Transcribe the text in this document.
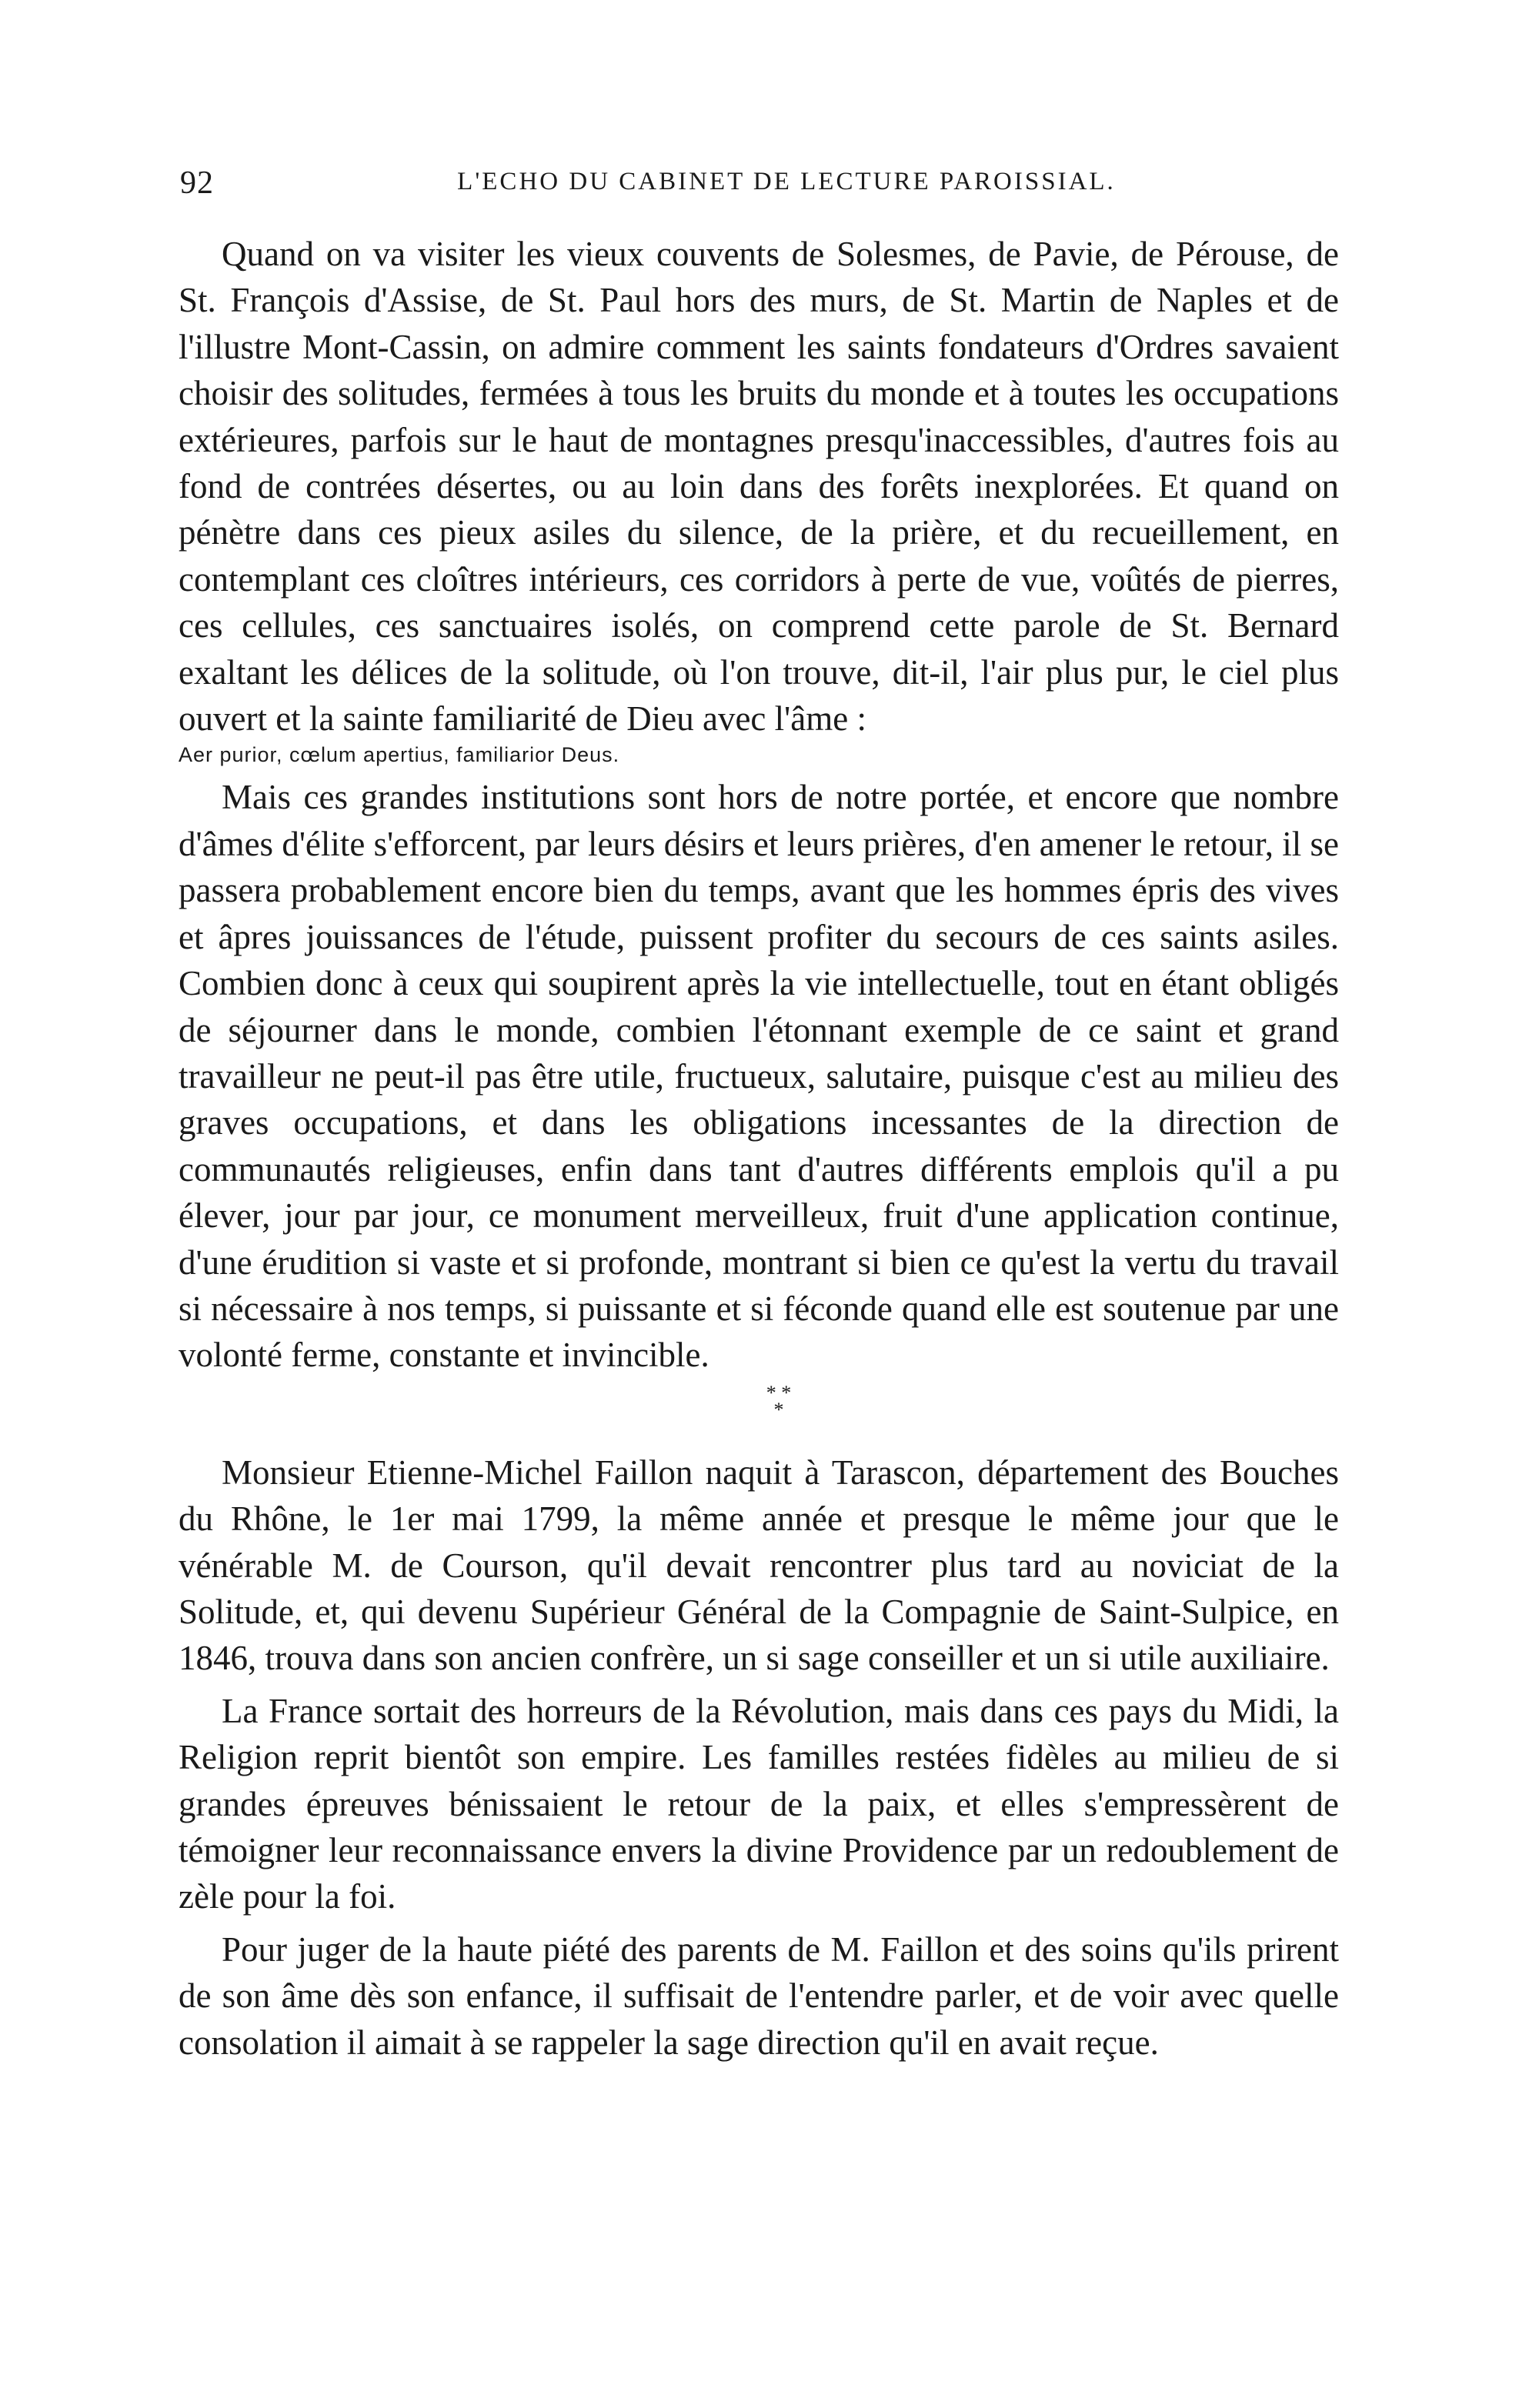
92	L'ECHO DU CABINET DE LECTURE PAROISSIAL.

Quand on va visiter les vieux couvents de Solesmes, de Pavie, de Pérouse, de St. François d'Assise, de St. Paul hors des murs, de St. Martin de Naples et de l'illustre Mont-Cassin, on admire comment les saints fondateurs d'Ordres savaient choisir des solitudes, fermées à tous les bruits du monde et à toutes les occupations extérieures, parfois sur le haut de montagnes presqu'inaccessibles, d'autres fois au fond de contrées désertes, ou au loin dans des forêts inexplorées. Et quand on pénètre dans ces pieux asiles du silence, de la prière, et du recueillement, en contemplant ces cloîtres intérieurs, ces corridors à perte de vue, voûtés de pierres, ces cellules, ces sanctuaires isolés, on comprend cette parole de St. Bernard exaltant les délices de la solitude, où l'on trouve, dit-il, l'air plus pur, le ciel plus ouvert et la sainte familiarité de Dieu avec l'âme :

Aer purior, cœlum apertius, familiarior Deus.

Mais ces grandes institutions sont hors de notre portée, et encore que nombre d'âmes d'élite s'efforcent, par leurs désirs et leurs prières, d'en amener le retour, il se passera probablement encore bien du temps, avant que les hommes épris des vives et âpres jouissances de l'étude, puissent profiter du secours de ces saints asiles. Combien donc à ceux qui soupirent après la vie intellectuelle, tout en étant obligés de séjourner dans le monde, combien l'étonnant exemple de ce saint et grand travailleur ne peut-il pas être utile, fructueux, salutaire, puisque c'est au milieu des graves occupations, et dans les obligations incessantes de la direction de communautés religieuses, enfin dans tant d'autres différents emplois qu'il a pu élever, jour par jour, ce monument merveilleux, fruit d'une application continue, d'une érudition si vaste et si profonde, montrant si bien ce qu'est la vertu du travail si nécessaire à nos temps, si puissante et si féconde quand elle est soutenue par une volonté ferme, constante et invincible.

* *
*

Monsieur Etienne-Michel Faillon naquit à Tarascon, département des Bouches du Rhône, le 1er mai 1799, la même année et presque le même jour que le vénérable M. de Courson, qu'il devait rencontrer plus tard au noviciat de la Solitude, et, qui devenu Supérieur Général de la Compagnie de Saint-Sulpice, en 1846, trouva dans son ancien confrère, un si sage conseiller et un si utile auxiliaire.

La France sortait des horreurs de la Révolution, mais dans ces pays du Midi, la Religion reprit bientôt son empire. Les familles restées fidèles au milieu de si grandes épreuves bénissaient le retour de la paix, et elles s'empressèrent de témoigner leur reconnaissance envers la divine Providence par un redoublement de zèle pour la foi.

Pour juger de la haute piété des parents de M. Faillon et des soins qu'ils prirent de son âme dès son enfance, il suffisait de l'entendre parler, et de voir avec quelle consolation il aimait à se rappeler la sage direction qu'il en avait reçue.
